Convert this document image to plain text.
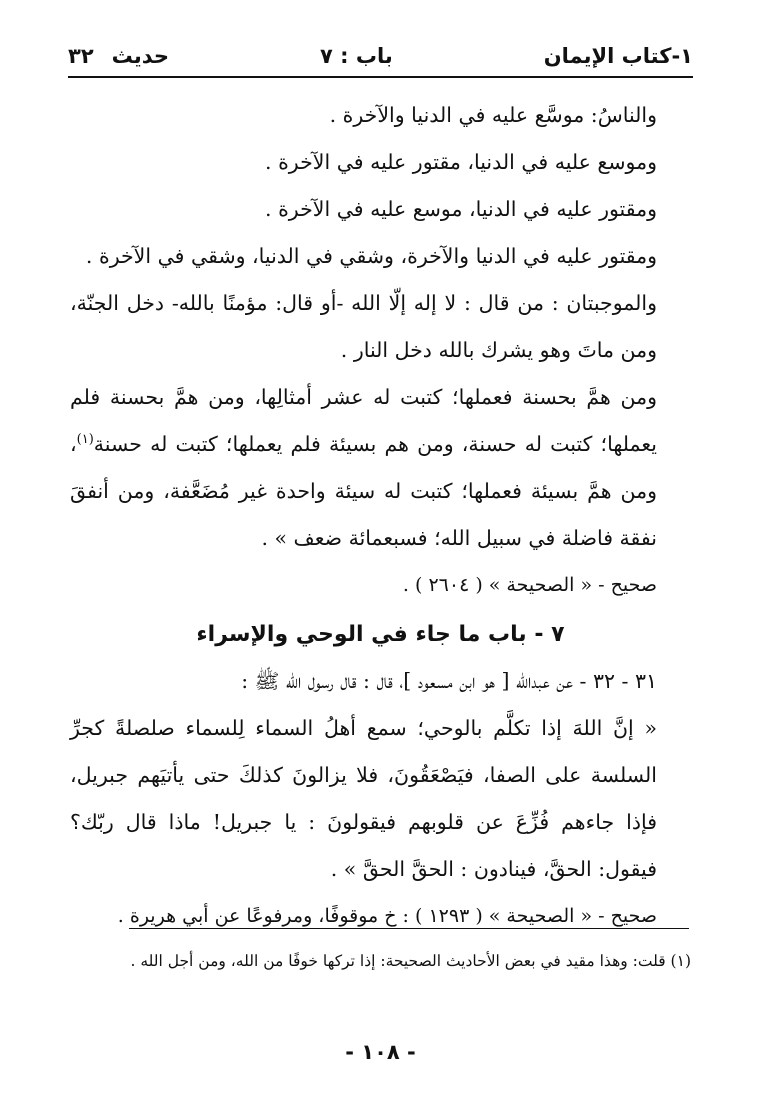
١-كتاب الإيمان
باب : ٧
حديث٣٢

والناسُ: موسَّع عليه في الدنيا والآخرة .

وموسع عليه في الدنيا، مقتور عليه في الآخرة .

ومقتور عليه في الدنيا، موسع عليه في الآخرة .

ومقتور عليه في الدنيا والآخرة، وشقي في الدنيا، وشقي في الآخرة .

والموجبتان : من قال : لا إله إلّا الله -أو قال: مؤمنًا بالله- دخل الجنّة، ومن ماتَ وهو يشرك بالله دخل النار .

ومن همَّ بحسنة فعملها؛ كتبت له عشر أمثالِها، ومن همَّ بحسنة فلم يعملها؛ كتبت له حسنة، ومن هم بسيئة فلم يعملها؛ كتبت له حسنة$^{(١)}$، ومن همَّ بسيئة فعملها؛ كتبت له سيئة واحدة غير مُضَعَّفة، ومن أنفقَ نفقة فاضلة في سبيل الله؛ فسبعمائة ضعف » .

صحيح - « الصحيحة » ( ٢٦٠٤ ) .

٧ - باب ما جاء في الوحي والإسراء

٣١ - ٣٢ - عن عبدالله [ هو ابن مسعود ]، قال : قال رسول الله ﷺ :

« إنَّ اللهَ إذا تكلَّم بالوحي؛ سمع أهلُ السماء لِلسماء صلصلةً كجرِّ السلسة على الصفا، فيَصْعَقُونَ، فلا يزالونَ كذلكَ حتى يأتيَهم جبريل، فإذا جاءهم فُزِّعَ عن قلوبهم فيقولونَ : يا جبريل! ماذا قال ربّك؟ فيقول: الحقَّ، فينادون : الحقَّ الحقَّ » .

صحيح - « الصحيحة » ( ١٢٩٣ ) : خ موقوفًا، ومرفوعًا عن أبي هريرة .

(١) قلت: وهذا مقيد في بعض الأحاديث الصحيحة: إذا تركها خوفًا من الله، ومن أجل الله .
- ١٠٨ -
